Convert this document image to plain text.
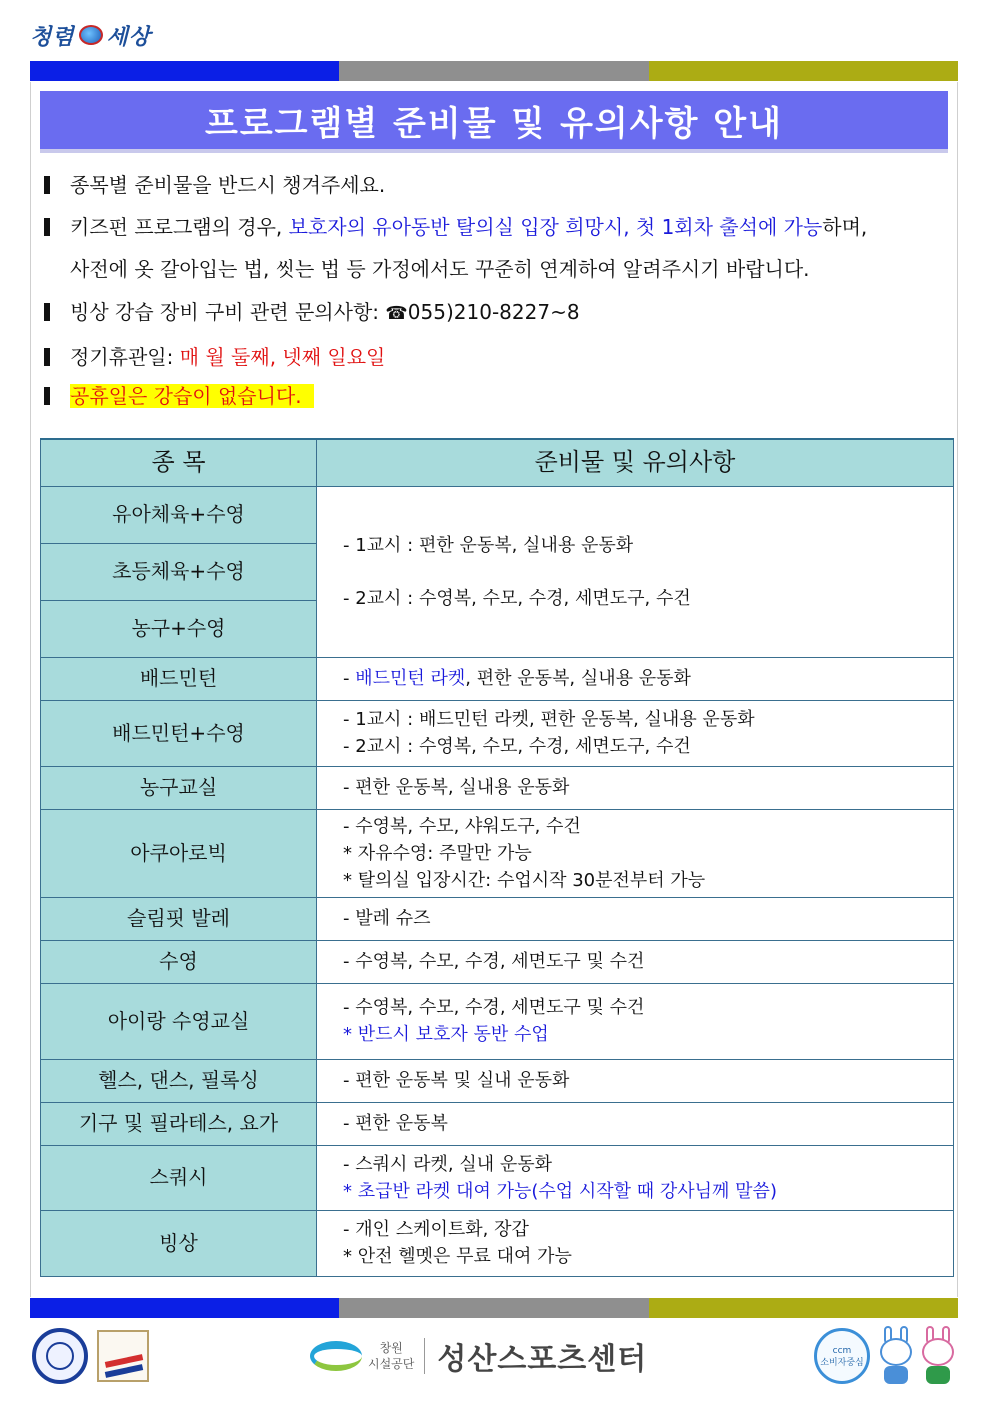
청렴 세상
프로그램별 준비물 및 유의사항 안내
종목별 준비물을 반드시 챙겨주세요.
키즈펀 프로그램의 경우, 보호자의 유아동반 탈의실 입장 희망시, 첫 1회차 출석에 가능하며,
사전에 옷 갈아입는 법, 씻는 법 등 가정에서도 꾸준히 연계하여 알려주시기 바랍니다.
빙상 강습 장비 구비 관련 문의사항: ☎055)210-8227~8
정기휴관일: 매 월 둘째, 넷째 일요일
공휴일은 강습이 없습니다.
종 목	준비물 및 유의사항
유아체육+수영	- 1교시 : 편한 운동복, 실내용 운동화
- 2교시 : 수영복, 수모, 수경, 세면도구, 수건

초등체육+수영	
농구+수영	
배드민턴	- 배드민턴 라켓, 편한 운동복, 실내용 운동화
배드민턴+수영	- 1교시 : 배드민턴 라켓, 편한 운동복, 실내용 운동화
- 2교시 : 수영복, 수모, 수경, 세면도구, 수건

농구교실	- 편한 운동복, 실내용 운동화
아쿠아로빅	- 수영복, 수모, 샤워도구, 수건
* 자유수영: 주말만 가능
* 탈의실 입장시간: 수업시작 30분전부터 가능

슬림핏 발레	- 발레 슈즈
수영	- 수영복, 수모, 수경, 세면도구 및 수건
아이랑 수영교실	- 수영복, 수모, 수경, 세면도구 및 수건
* 반드시 보호자 동반 수업

헬스, 댄스, 필록싱	- 편한 운동복 및 실내 운동화
기구 및 필라테스, 요가	- 편한 운동복
스쿼시	- 스쿼시 라켓, 실내 운동화
* 초급반 라켓 대여 가능(수업 시작할 때 강사님께 말씀)

빙상	- 개인 스케이트화, 장갑
* 안전 헬멧은 무료 대여 가능
창원
시설공단 성산스포츠센터	ccm
소비자중심
